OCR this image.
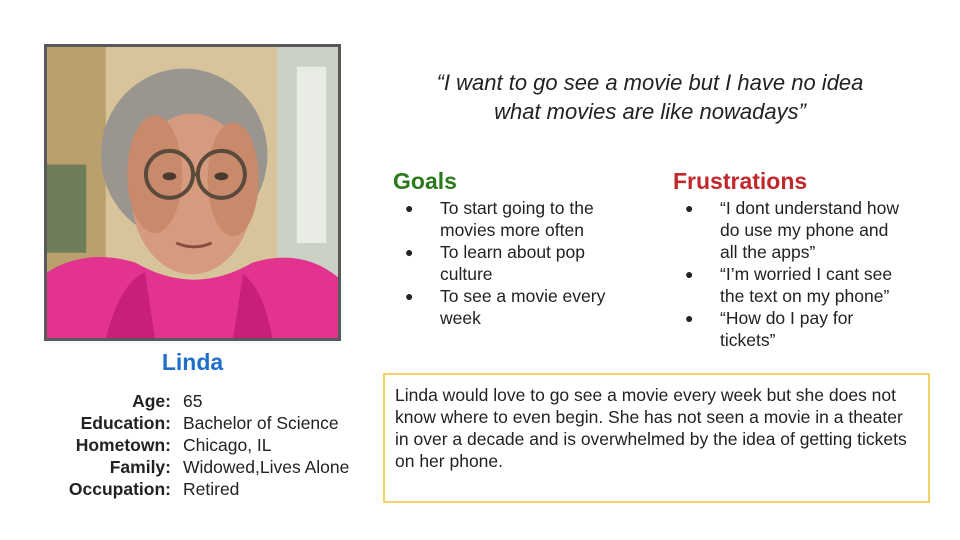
Linda
Age: 65
Education: Bachelor of Science
Hometown: Chicago, IL
Family: Widowed,Lives Alone
Occupation: Retired
“I want to go see a movie but I have no idea
what movies are like nowadays”
Goals
● To start going to the
movies more often
● To learn about pop
culture
● To see a movie every
week
Frustrations
● “I dont understand how
do use my phone and
all the apps”
● “I’m worried I cant see
the text on my phone”
● “How do I pay for
tickets”
Linda would love to go see a movie every week but she does not know where to even begin. She has not seen a movie in a theater in over a decade and is overwhelmed by the idea of getting tickets on her phone.
